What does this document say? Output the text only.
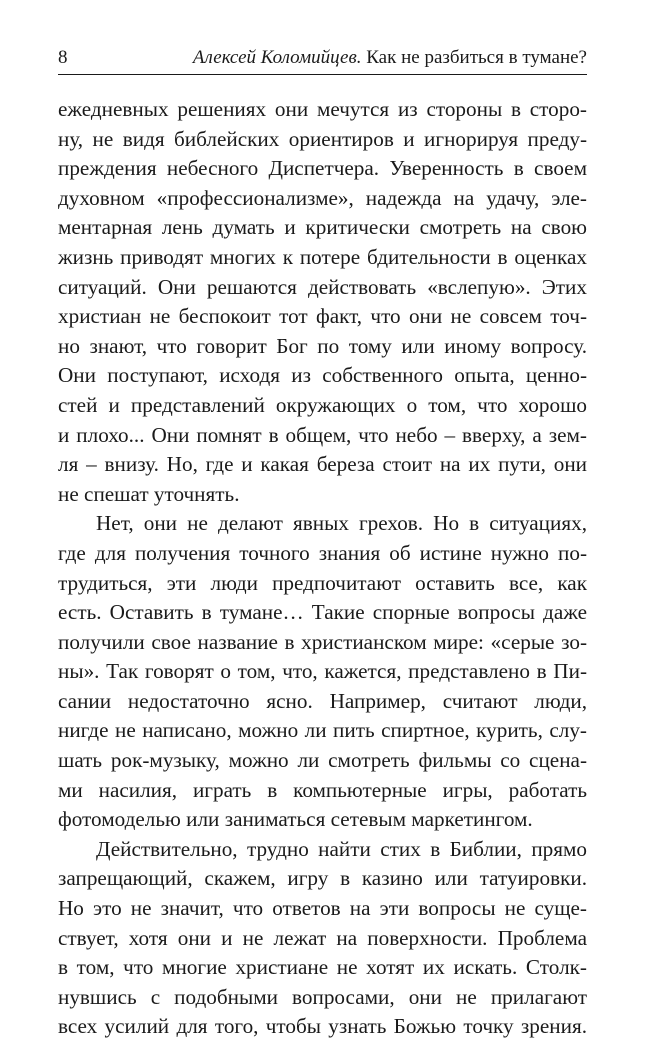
8	Алексей Коломийцев. Как не разбиться в тумане?
ежедневных решениях они мечутся из стороны в сторо-
ну, не видя библейских ориентиров и игнорируя преду-
преждения небесного Диспетчера. Уверенность в своем
духовном «профессионализме», надежда на удачу, эле-
ментарная лень думать и критически смотреть на свою
жизнь приводят многих к потере бдительности в оценках
ситуаций. Они решаются действовать «вслепую». Этих
христиан не беспокоит тот факт, что они не совсем точ-
но знают, что говорит Бог по тому или иному вопросу.
Они поступают, исходя из собственного опыта, ценно-
стей и представлений окружающих о том, что хорошо
и плохо... Они помнят в общем, что небо – вверху, а зем-
ля – внизу. Но, где и какая береза стоит на их пути, они
не спешат уточнять.
Нет, они не делают явных грехов. Но в ситуациях,
где для получения точного знания об истине нужно по-
трудиться, эти люди предпочитают оставить все, как
есть. Оставить в тумане… Такие спорные вопросы даже
получили свое название в христианском мире: «серые зо-
ны». Так говорят о том, что, кажется, представлено в Пи-
сании недостаточно ясно. Например, считают люди,
нигде не написано, можно ли пить спиртное, курить, слу-
шать рок-музыку, можно ли смотреть фильмы со сцена-
ми насилия, играть в компьютерные игры, работать
фотомоделью или заниматься сетевым маркетингом.
Действительно, трудно найти стих в Библии, прямо
запрещающий, скажем, игру в казино или татуировки.
Но это не значит, что ответов на эти вопросы не суще-
ствует, хотя они и не лежат на поверхности. Проблема
в том, что многие христиане не хотят их искать. Столк-
нувшись с подобными вопросами, они не прилагают
всех усилий для того, чтобы узнать Божью точку зрения.
